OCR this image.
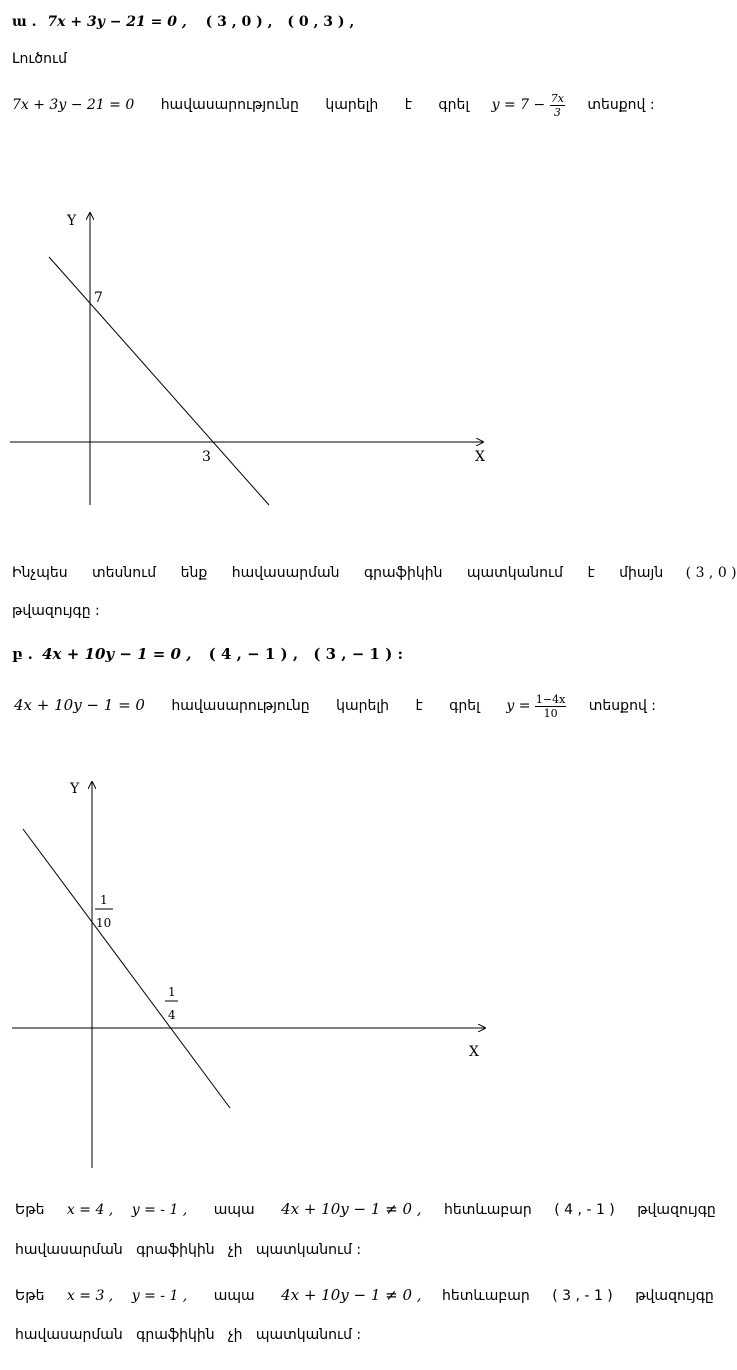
ա . 7x + 3y − 21 = 0 , ( 3 , 0 ) , ( 0 , 3 ) ,
Լուծում
7x + 3y − 21 = 0 հավասարությունը կարելի է գրել $y = 7 - \frac{7x}{3}$ տեսքով :
Y
X
7
3
Ինչպես տեսնում ենք հավասարման գրաֆիկին պատկանում է միայն ( 3 , 0 )
թվազույգը :
բ . 4x + 10y − 1 = 0 , ( 4 , − 1 ) , ( 3 , − 1 ) :
4x + 10y − 1 = 0 հավասարությունը կարելի է գրել $y = \frac{1-4x}{10}$ տեսքով :
Y
X
1
10
1
4
Եթե x = 4 , y = - 1 , ապա 4x + 10y − 1 ≠ 0 , հետևաբար ( 4 , - 1 ) թվազույգը
հավասարման   գրաֆիկին   չի   պատկանում :
Եթե x = 3 , y = - 1 , ապա 4x + 10y − 1 ≠ 0 , հետևաբար ( 3 , - 1 ) թվազույգը
հավասարման   գրաֆիկին   չի   պատկանում :
